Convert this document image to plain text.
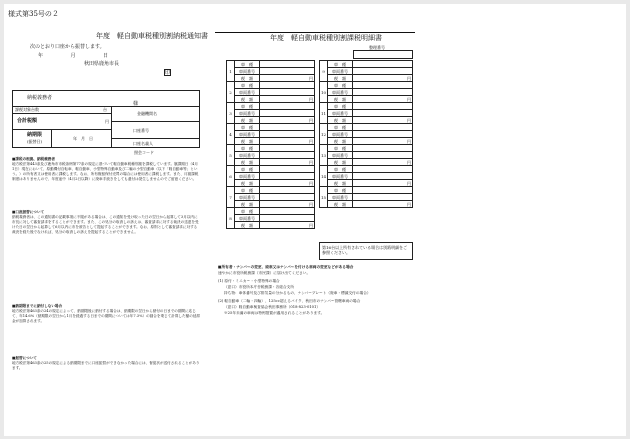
様式第35号の２
年度　軽自動車税種別割納税通知書
次のとおり口座から振替します。
年	月	日
秋田県鹿角市長
印
納税義務者
様
課税対象台数	台
合計税額	円
納期限
(振替日)
年　月　日
金融機関名
口座番号
口座名義人
照会コード
■課税の根拠、納税義務者
地方税法第443条及び鹿角市市税条例第77条の規定に基づいて軽自動車税種別割を課税しています。賦課期日（4月1日）現在において、原動機付自転車、軽自動車、小型特殊自動車及び二輪の小型自動車（以下「軽自動車等」という。）の所有者又は使用者に課税します。なお、所有権留保付売買の場合には使用者に課税します。また、月割課税制度はありませんので、年度途中（4月2日以降）に廃車手続きをしても還付は発生しませんのでご留意ください。
■口座振替について
納税義務者は、この通知書の記載事項に不服がある場合は、この通知を受け取った日の翌日から起算して3月以内に市長に対して審査請求をすることができます。また、この処分の取消しの訴えは、審査請求に対する裁決の送達を受けた日の翌日から起算して6月以内に市を被告として提起することができます。なお、原則として審査請求に対する裁決を経た後でなければ、処分の取消しの訴えを提起することができません。
■納期限までに納付しない場合
地方税法第463条の24の規定によって、納期限後に納付する場合は、納期限の翌日から納付の日までの期間に応じて、年14.6%（納期限の翌日から1月を経過する日までの期間については年7.3%）の割合を乗じて計算した額の延滞金が加算されます。
■振替について
地方税法第463条の25の規定による納期限までに口座振替ができなかった場合には、督促状が送付されることがあります。
年度　軽自動車税種別割課税明細書
整理番号
1	車　種	
	車両番号	
	税　額	円
2	車　種	
	車両番号	
	税　額	円
3	車　種	
	車両番号	
	税　額	円
4	車　種	
	車両番号	
	税　額	円
5	車　種	
	車両番号	
	税　額	円
6	車　種	
	車両番号	
	税　額	円
7	車　種	
	車両番号	
	税　額	円
8	車　種	
	車両番号	
	税　額	円
9	車　種	
	車両番号	
	税　額	円
10	車　種	
	車両番号	
	税　額	円
11	車　種	
	車両番号	
	税　額	円
12	車　種	
	車両番号	
	税　額	円
13	車　種	
	車両番号	
	税　額	円
14	車　種	
	車両番号	
	税　額	円
15	車　種	
	車両番号	
	税　額	円
第16台以上所有されている場合は別紙明細をご参照ください。
■所有者・ナンバーの変更、廃車又はナンバーを付ける車両の変更などがある場合
速やかに市役所税務課（市民課）に届け出てください。
(1) 原付・ミニカー・小型特殊の場合
（窓口）市役所本庁舎税務課・各総合支所
持ち物：車体番号及び排気量の分かるもの、ナンバープレート（廃車・標識交付の場合）
(2) 軽自動車（二輪・四輪）、125cc超えるバイク、秋田市のナンバー管轄車両の場合
（窓口）軽自動車検査協会秋田事務所（018-823-0101）
※25年未満の車両は特例措置が適用されることがあります。
